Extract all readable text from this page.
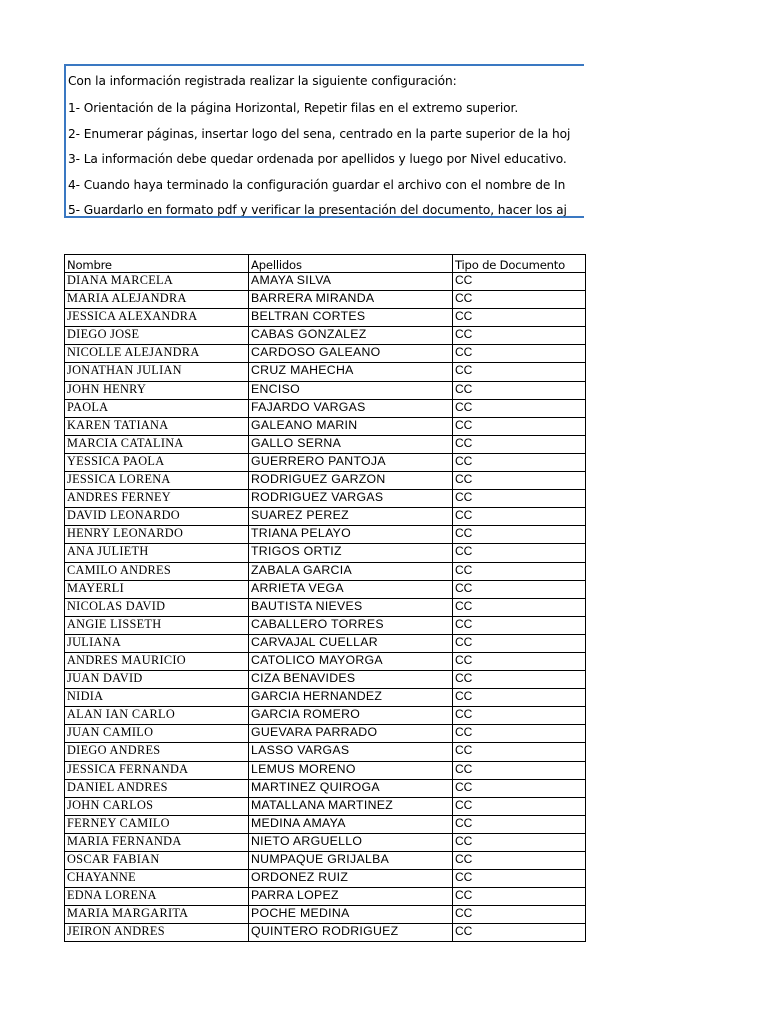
Con la información registrada realizar la siguiente configuración:
1- Orientación de la página Horizontal, Repetir filas en el extremo superior.
2- Enumerar páginas, insertar logo del sena, centrado en la parte superior de la hoj
3- La información debe quedar ordenada por apellidos y luego por Nivel educativo.
4- Cuando haya terminado la configuración guardar el archivo con el nombre de In
5- Guardarlo en formato pdf y verificar la presentación del documento, hacer los aj
Nombre	Apellidos	Tipo de Documento
DIANA MARCELA	AMAYA SILVA	CC
MARIA ALEJANDRA	BARRERA MIRANDA	CC
JESSICA ALEXANDRA	BELTRAN CORTES	CC
DIEGO JOSE	CABAS GONZALEZ	CC
NICOLLE ALEJANDRA	CARDOSO GALEANO	CC
JONATHAN JULIAN	CRUZ MAHECHA	CC
JOHN HENRY	ENCISO	CC
PAOLA	FAJARDO VARGAS	CC
KAREN TATIANA	GALEANO MARIN	CC
MARCIA CATALINA	GALLO SERNA	CC
YESSICA PAOLA	GUERRERO PANTOJA	CC
JESSICA LORENA	RODRIGUEZ GARZON	CC
ANDRES FERNEY	RODRIGUEZ VARGAS	CC
DAVID LEONARDO	SUAREZ PEREZ	CC
HENRY LEONARDO	TRIANA PELAYO	CC
ANA JULIETH	TRIGOS ORTIZ	CC
CAMILO ANDRES	ZABALA GARCIA	CC
MAYERLI	ARRIETA VEGA	CC
NICOLAS DAVID	BAUTISTA NIEVES	CC
ANGIE LISSETH	CABALLERO TORRES	CC
JULIANA	CARVAJAL CUELLAR	CC
ANDRES MAURICIO	CATOLICO MAYORGA	CC
JUAN DAVID	CIZA BENAVIDES	CC
NIDIA	GARCIA HERNANDEZ	CC
ALAN IAN CARLO	GARCIA ROMERO	CC
JUAN CAMILO	GUEVARA PARRADO	CC
DIEGO ANDRES	LASSO VARGAS	CC
JESSICA FERNANDA	LEMUS MORENO	CC
DANIEL ANDRES	MARTINEZ QUIROGA	CC
JOHN CARLOS	MATALLANA MARTINEZ	CC
FERNEY CAMILO	MEDINA AMAYA	CC
MARIA FERNANDA	NIETO ARGUELLO	CC
OSCAR FABIAN	NUMPAQUE GRIJALBA	CC
CHAYANNE	ORDONEZ RUIZ	CC
EDNA LORENA	PARRA LOPEZ	CC
MARIA MARGARITA	POCHE MEDINA	CC
JEIRON ANDRES	QUINTERO RODRIGUEZ	CC
